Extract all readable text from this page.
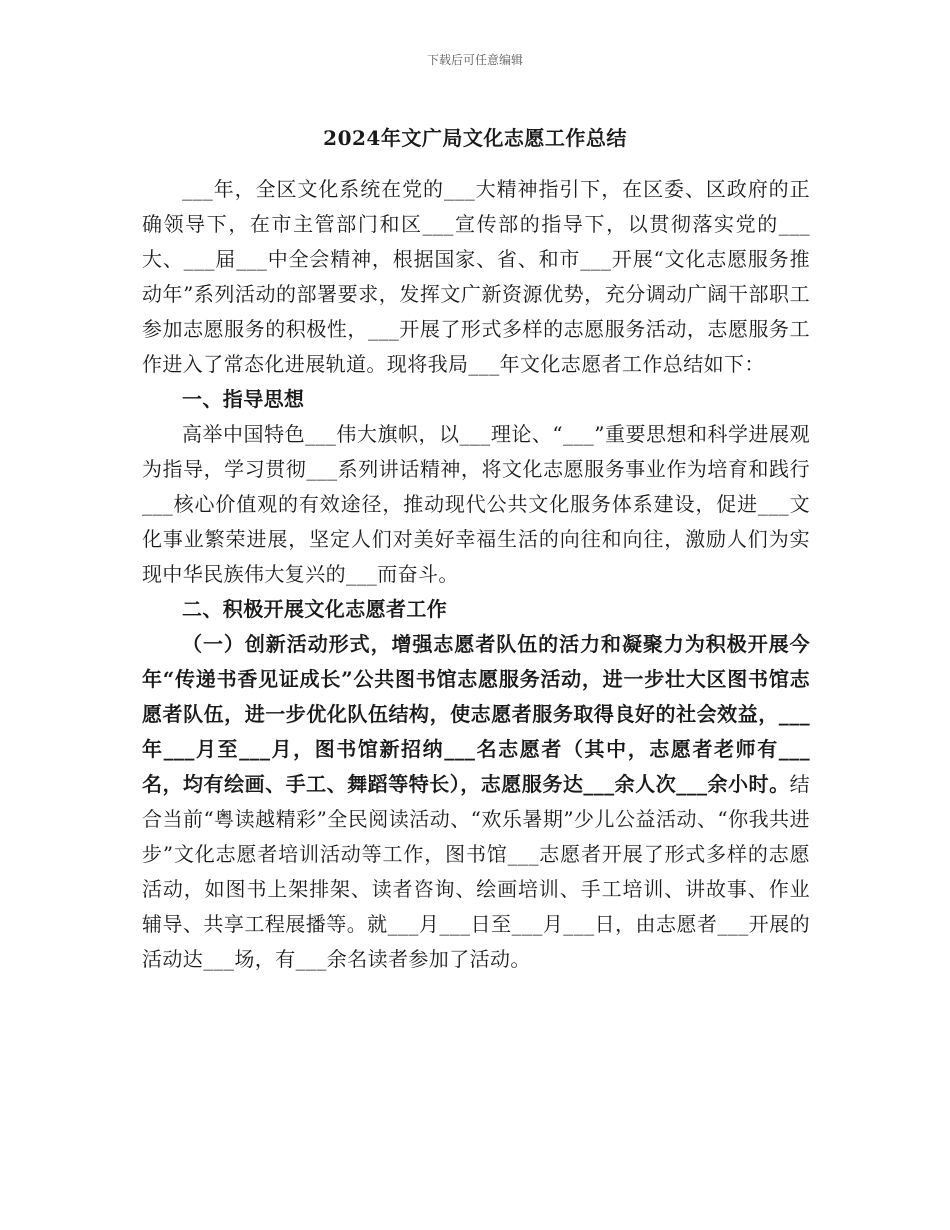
下载后可任意编辑
2024年文广局文化志愿工作总结

___年，全区文化系统在党的___大精神指引下，在区委、区政府的正确领导下，在市主管部门和区___宣传部的指导下，以贯彻落实党的___大、___届___中全会精神，根据国家、省、和市___开展“文化志愿服务推动年”系列活动的部署要求，发挥文广新资源优势，充分调动广阔干部职工参加志愿服务的积极性，___开展了形式多样的志愿服务活动，志愿服务工作进入了常态化进展轨道。现将我局___年文化志愿者工作总结如下：

一、指导思想

高举中国特色___伟大旗帜，以___理论、“___”重要思想和科学进展观为指导，学习贯彻___系列讲话精神，将文化志愿服务事业作为培育和践行___核心价值观的有效途径，推动现代公共文化服务体系建设，促进___文化事业繁荣进展，坚定人们对美好幸福生活的向往和向往，激励人们为实现中华民族伟大复兴的___而奋斗。

二、积极开展文化志愿者工作

（一）创新活动形式，增强志愿者队伍的活力和凝聚力为积极开展今年“传递书香见证成长”公共图书馆志愿服务活动，进一步壮大区图书馆志愿者队伍，进一步优化队伍结构，使志愿者服务取得良好的社会效益，___年___月至___月，图书馆新招纳___名志愿者（其中，志愿者老师有___名，均有绘画、手工、舞蹈等特长），志愿服务达___余人次___余小时。结合当前“粤读越精彩”全民阅读活动、“欢乐暑期”少儿公益活动、“你我共进步”文化志愿者培训活动等工作，图书馆___志愿者开展了形式多样的志愿活动，如图书上架排架、读者咨询、绘画培训、手工培训、讲故事、作业辅导、共享工程展播等。就___月___日至___月___日，由志愿者___开展的活动达___场，有___余名读者参加了活动。
